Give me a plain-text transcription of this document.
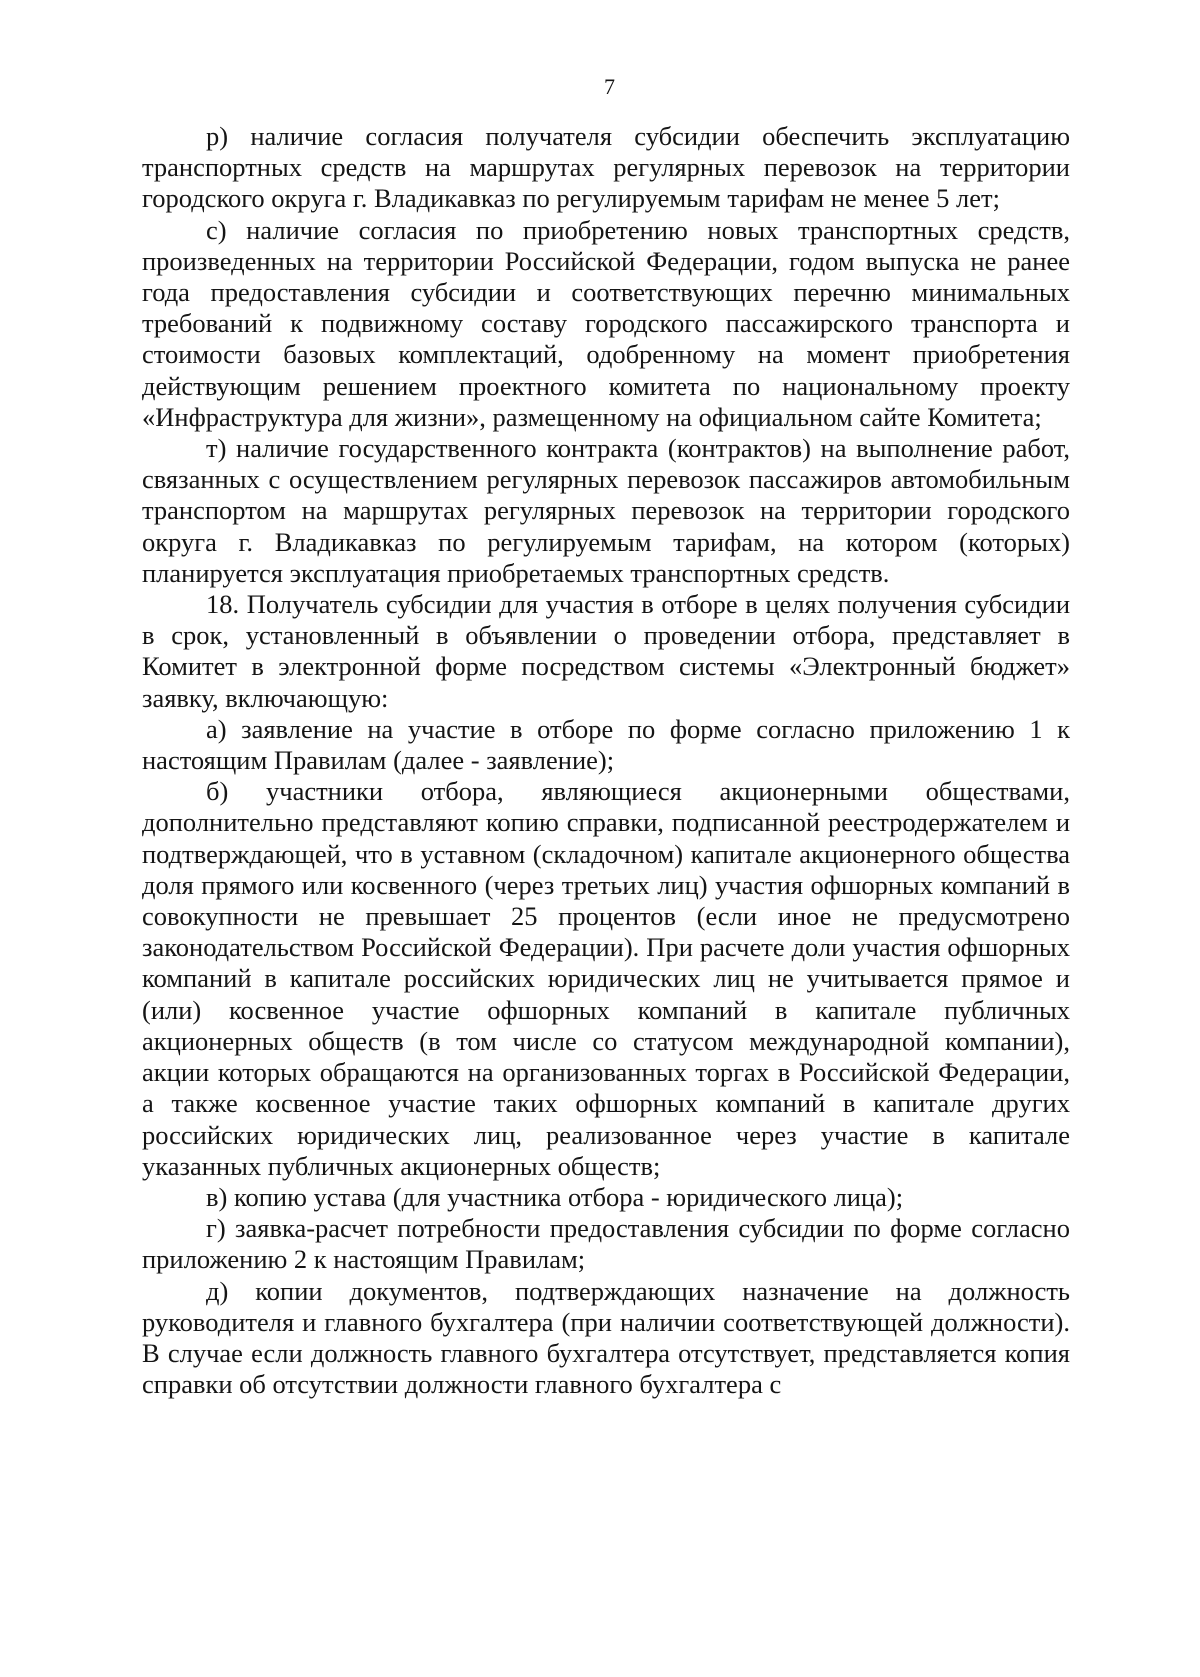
7

р) наличие согласия получателя субсидии обеспечить эксплуатацию транспортных средств на маршрутах регулярных перевозок на территории городского округа г. Владикавказ по регулируемым тарифам не менее 5 лет;

с) наличие согласия по приобретению новых транспортных средств, произведенных на территории Российской Федерации, годом выпуска не ранее года предоставления субсидии и соответствующих перечню минимальных требований к подвижному составу городского пассажирского транспорта и стоимости базовых комплектаций, одобренному на момент приобретения действующим решением проектного комитета по национальному проекту «Инфраструктура для жизни», размещенному на официальном сайте Комитета;

т) наличие государственного контракта (контрактов) на выполнение работ, связанных с осуществлением регулярных перевозок пассажиров автомобильным транспортом на маршрутах регулярных перевозок на территории городского округа г. Владикавказ по регулируемым тарифам, на котором (которых) планируется эксплуатация приобретаемых транспортных средств.

18. Получатель субсидии для участия в отборе в целях получения субсидии в срок, установленный в объявлении о проведении отбора, представляет в Комитет в электронной форме посредством системы «Электронный бюджет» заявку, включающую:

а) заявление на участие в отборе по форме согласно приложению 1 к настоящим Правилам (далее - заявление);

б) участники отбора, являющиеся акционерными обществами, дополнительно представляют копию справки, подписанной реестродержателем и подтверждающей, что в уставном (складочном) капитале акционерного общества доля прямого или косвенного (через третьих лиц) участия офшорных компаний в совокупности не превышает 25 процентов (если иное не предусмотрено законодательством Российской Федерации). При расчете доли участия офшорных компаний в капитале российских юридических лиц не учитывается прямое и (или) косвенное участие офшорных компаний в капитале публичных акционерных обществ (в том числе со статусом международной компании), акции которых обращаются на организованных торгах в Российской Федерации, а также косвенное участие таких офшорных компаний в капитале других российских юридических лиц, реализованное через участие в капитале указанных публичных акционерных обществ;

в) копию устава (для участника отбора - юридического лица);

г) заявка-расчет потребности предоставления субсидии по форме согласно приложению 2 к настоящим Правилам;

д) копии документов, подтверждающих назначение на должность руководителя и главного бухгалтера (при наличии соответствующей должности). В случае если должность главного бухгалтера отсутствует, представляется копия справки об отсутствии должности главного бухгалтера с
